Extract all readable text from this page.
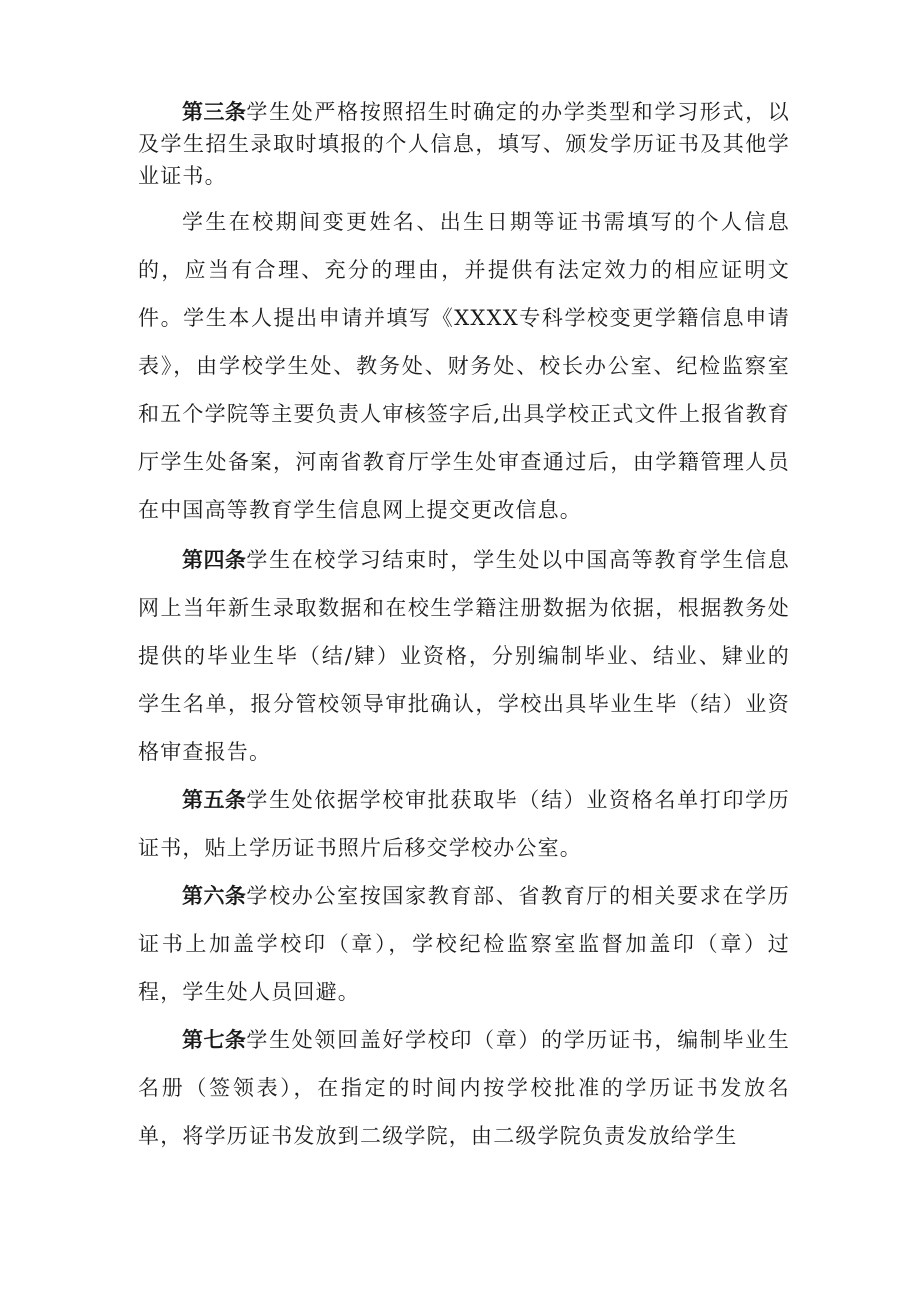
第三条学生处严格按照招生时确定的办学类型和学习形式，以及学生招生录取时填报的个人信息，填写、颁发学历证书及其他学业证书。

学生在校期间变更姓名、出生日期等证书需填写的个人信息的，应当有合理、充分的理由，并提供有法定效力的相应证明文件。学生本人提出申请并填写《XXXX专科学校变更学籍信息申请表》，由学校学生处、教务处、财务处、校长办公室、纪检监察室和五个学院等主要负责人审核签字后,出具学校正式文件上报省教育厅学生处备案，河南省教育厅学生处审查通过后，由学籍管理人员在中国高等教育学生信息网上提交更改信息。

第四条学生在校学习结束时，学生处以中国高等教育学生信息网上当年新生录取数据和在校生学籍注册数据为依据，根据教务处提供的毕业生毕（结/肄）业资格，分别编制毕业、结业、肄业的学生名单，报分管校领导审批确认，学校出具毕业生毕（结）业资格审查报告。

第五条学生处依据学校审批获取毕（结）业资格名单打印学历证书，贴上学历证书照片后移交学校办公室。

第六条学校办公室按国家教育部、省教育厅的相关要求在学历证书上加盖学校印（章），学校纪检监察室监督加盖印（章）过程，学生处人员回避。

第七条学生处领回盖好学校印（章）的学历证书，编制毕业生名册（签领表），在指定的时间内按学校批准的学历证书发放名单，将学历证书发放到二级学院，由二级学院负责发放给学生
